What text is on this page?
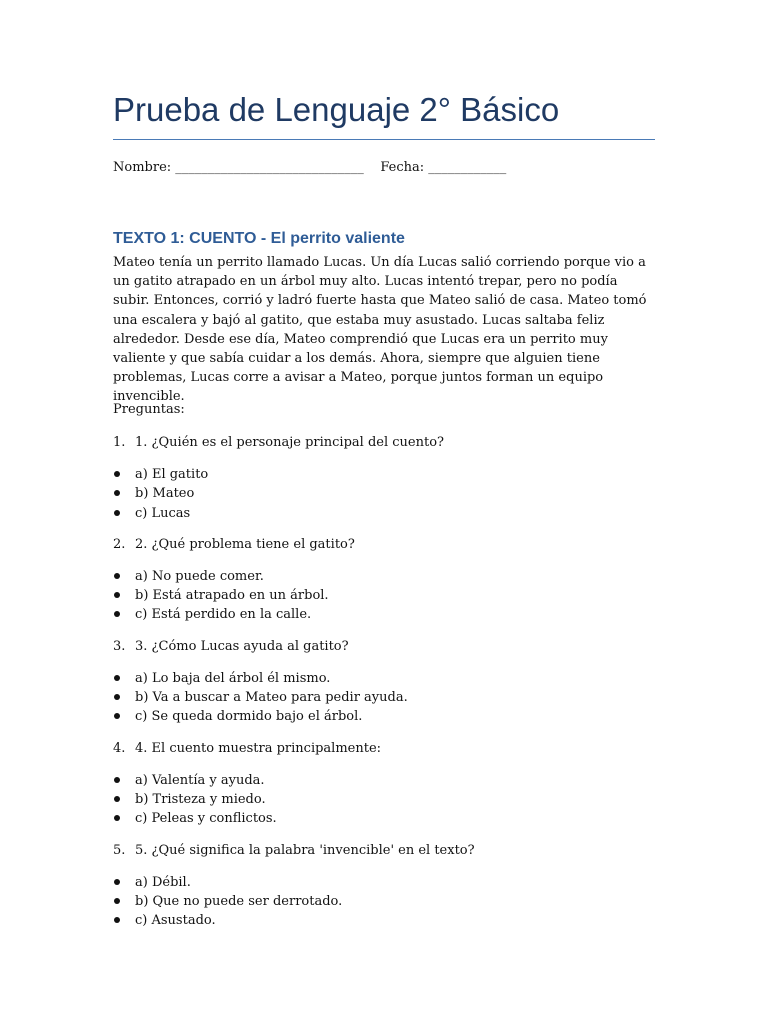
Prueba de Lenguaje 2° Básico
Nombre: _____________________________ Fecha: ____________
TEXTO 1: CUENTO - El perrito valiente

Mateo tenía un perrito llamado Lucas. Un día Lucas salió corriendo porque vio a un gatito atrapado en un árbol muy alto. Lucas intentó trepar, pero no podía subir. Entonces, corrió y ladró fuerte hasta que Mateo salió de casa. Mateo tomó una escalera y bajó al gatito, que estaba muy asustado. Lucas saltaba feliz alrededor. Desde ese día, Mateo comprendió que Lucas era un perrito muy valiente y que sabía cuidar a los demás. Ahora, siempre que alguien tiene problemas, Lucas corre a avisar a Mateo, porque juntos forman un equipo invencible.

Preguntas:
1. 1. ¿Quién es el personaje principal del cuento?
a) El gatito
b) Mateo
c) Lucas
2. 2. ¿Qué problema tiene el gatito?
a) No puede comer.
b) Está atrapado en un árbol.
c) Está perdido en la calle.
3. 3. ¿Cómo Lucas ayuda al gatito?
a) Lo baja del árbol él mismo.
b) Va a buscar a Mateo para pedir ayuda.
c) Se queda dormido bajo el árbol.
4. 4. El cuento muestra principalmente:
a) Valentía y ayuda.
b) Tristeza y miedo.
c) Peleas y conflictos.
5. 5. ¿Qué significa la palabra 'invencible' en el texto?
a) Débil.
b) Que no puede ser derrotado.
c) Asustado.
